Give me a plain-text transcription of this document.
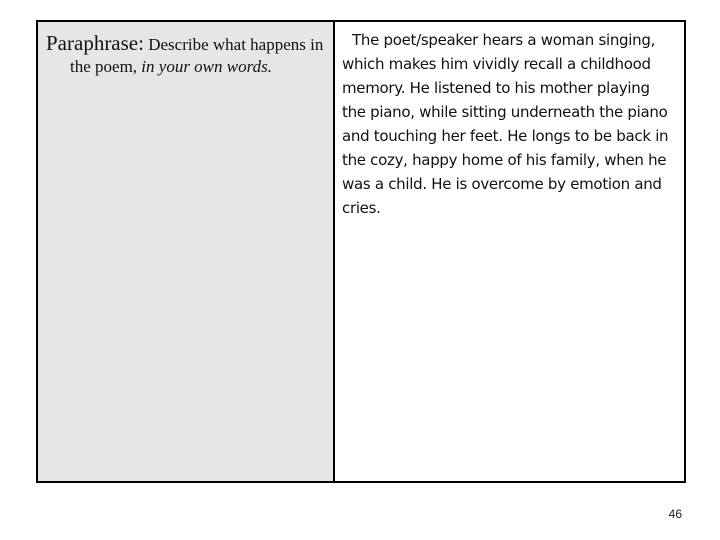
Paraphrase: Describe what happens in the poem, in your own words.

The poet/speaker hears a woman singing, which makes him vividly recall a childhood memory. He listened to his mother playing the piano, while sitting underneath the piano and touching her feet. He longs to be back in the cozy, happy home of his family, when he was a child. He is overcome by emotion and cries.

46
